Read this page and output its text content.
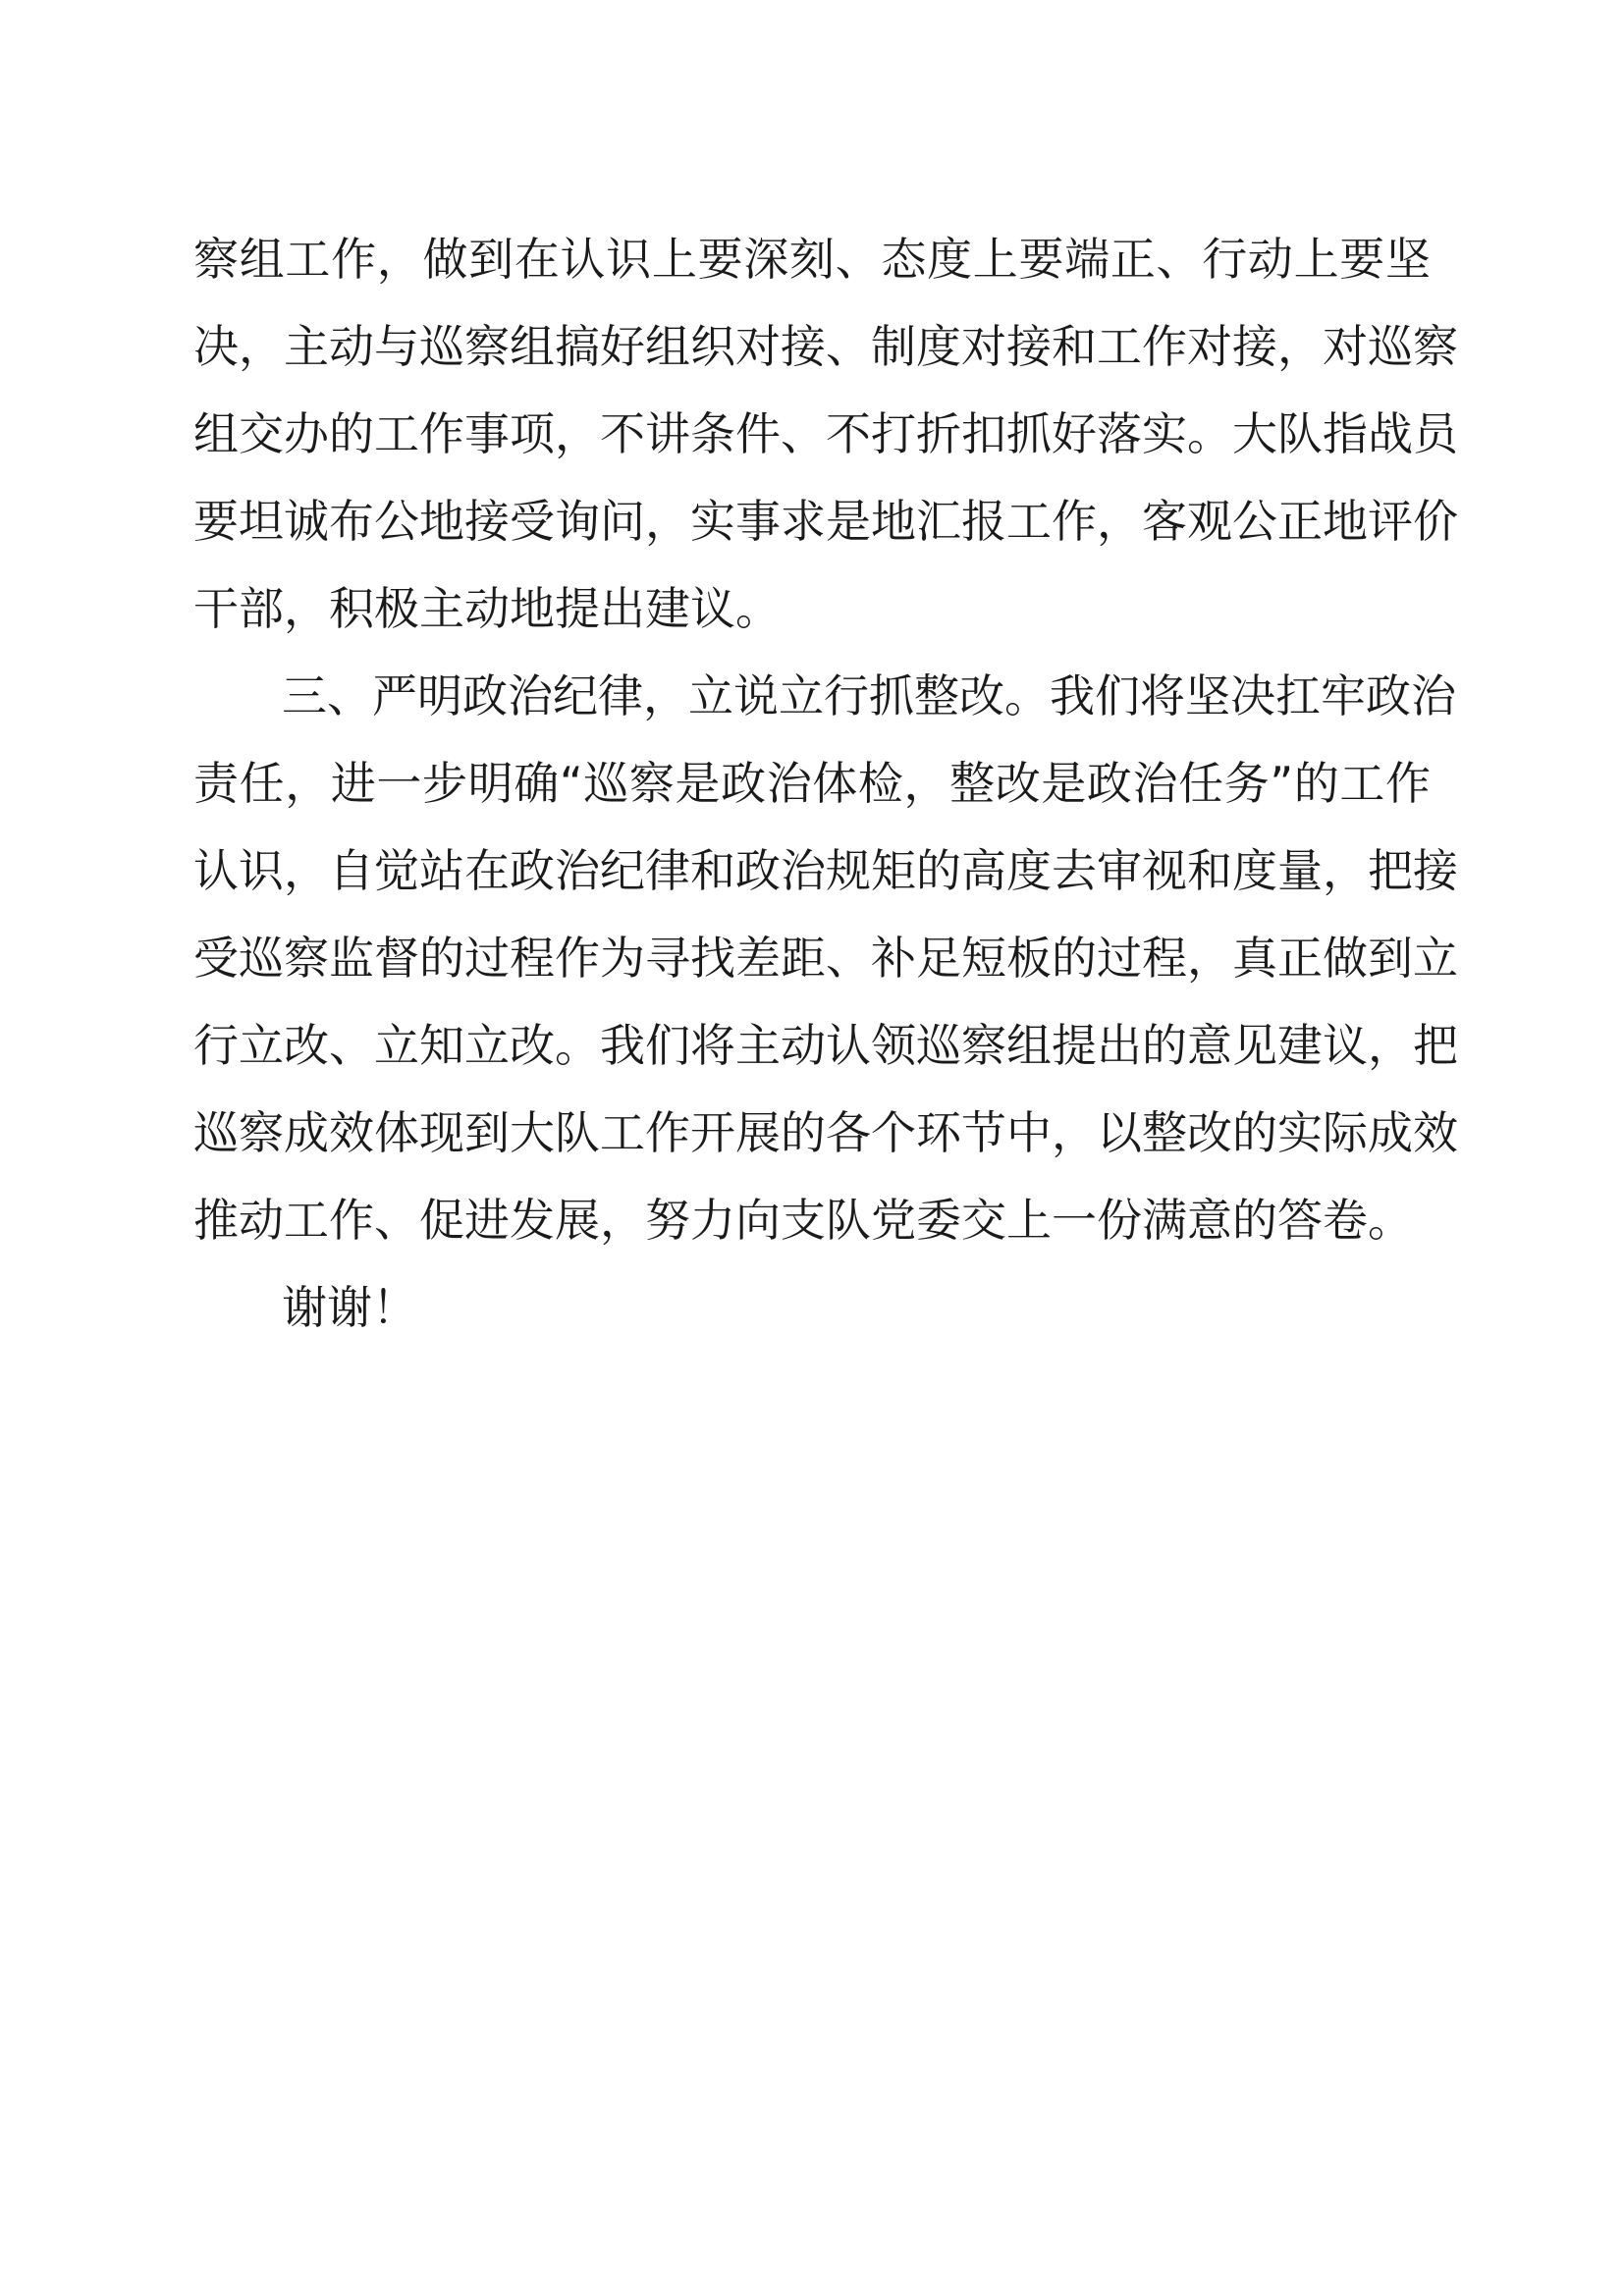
察组工作，做到在认识上要深刻、态度上要端正、行动上要坚
决，主动与巡察组搞好组织对接、制度对接和工作对接，对巡察
组交办的工作事项，不讲条件、不打折扣抓好落实。大队指战员
要坦诚布公地接受询问，实事求是地汇报工作，客观公正地评价
干部，积极主动地提出建议。
三、严明政治纪律，立说立行抓整改。我们将坚决扛牢政治
责任，进一步明确“巡察是政治体检，整改是政治任务”的工作
认识，自觉站在政治纪律和政治规矩的高度去审视和度量，把接
受巡察监督的过程作为寻找差距、补足短板的过程，真正做到立
行立改、立知立改。我们将主动认领巡察组提出的意见建议，把
巡察成效体现到大队工作开展的各个环节中，以整改的实际成效
推动工作、促进发展，努力向支队党委交上一份满意的答卷。
谢谢！
